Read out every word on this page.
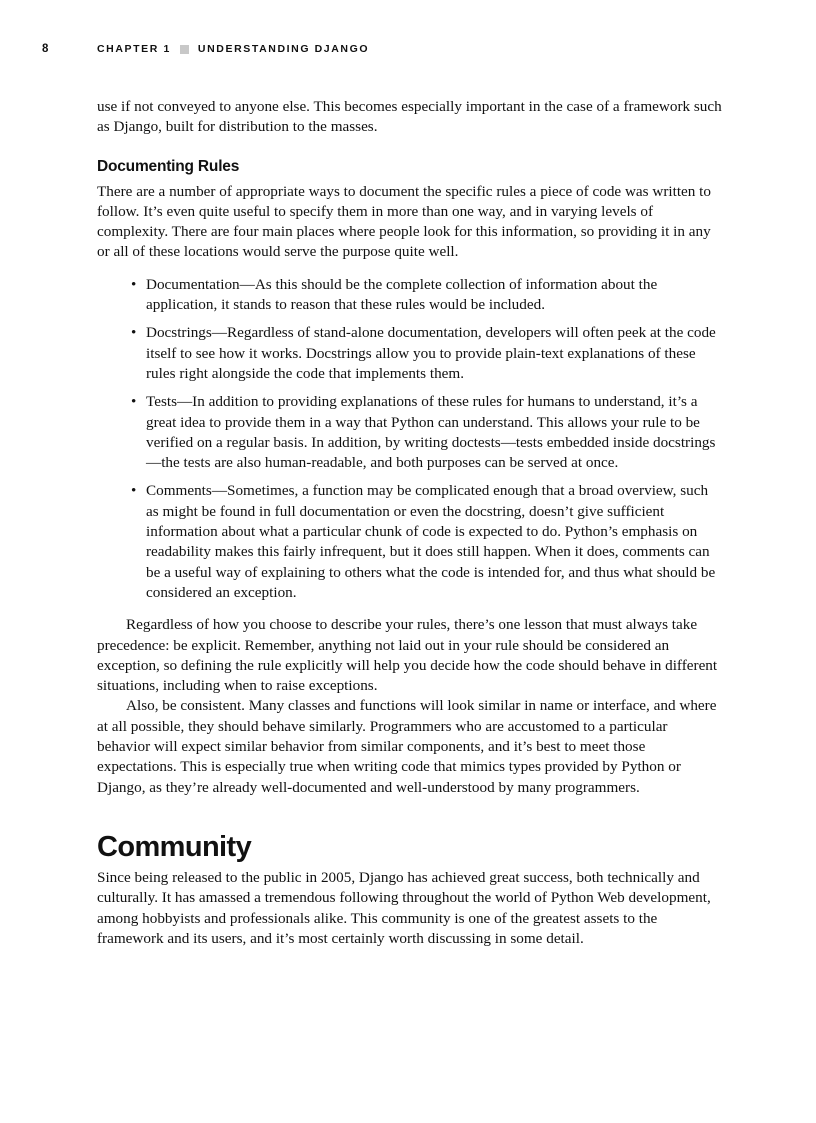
8	CHAPTER 1	UNDERSTANDING DJANGO

use if not conveyed to anyone else. This becomes especially important in the case of a framework such as Django, built for distribution to the masses.

Documenting Rules

There are a number of appropriate ways to document the specific rules a piece of code was written to follow. It’s even quite useful to specify them in more than one way, and in varying levels of complexity. There are four main places where people look for this information, so providing it in any or all of these locations would serve the purpose quite well.

• Documentation—As this should be the complete collection of information about the application, it stands to reason that these rules would be included.
• Docstrings—Regardless of stand-alone documentation, developers will often peek at the code itself to see how it works. Docstrings allow you to provide plain-text explanations of these rules right alongside the code that implements them.
• Tests—In addition to providing explanations of these rules for humans to understand, it’s a great idea to provide them in a way that Python can understand. This allows your rule to be verified on a regular basis. In addition, by writing doctests—tests embedded inside docstrings—the tests are also human-readable, and both purposes can be served at once.
• Comments—Sometimes, a function may be complicated enough that a broad overview, such as might be found in full documentation or even the docstring, doesn’t give sufficient information about what a particular chunk of code is expected to do. Python’s emphasis on readability makes this fairly infrequent, but it does still happen. When it does, comments can be a useful way of explaining to others what the code is intended for, and thus what should be considered an exception.

Regardless of how you choose to describe your rules, there’s one lesson that must always take precedence: be explicit. Remember, anything not laid out in your rule should be considered an exception, so defining the rule explicitly will help you decide how the code should behave in different situations, including when to raise exceptions.

Also, be consistent. Many classes and functions will look similar in name or interface, and where at all possible, they should behave similarly. Programmers who are accustomed to a particular behavior will expect similar behavior from similar components, and it’s best to meet those expectations. This is especially true when writing code that mimics types provided by Python or Django, as they’re already well-documented and well-understood by many programmers.

Community

Since being released to the public in 2005, Django has achieved great success, both technically and culturally. It has amassed a tremendous following throughout the world of Python Web development, among hobbyists and professionals alike. This community is one of the greatest assets to the framework and its users, and it’s most certainly worth discussing in some detail.
